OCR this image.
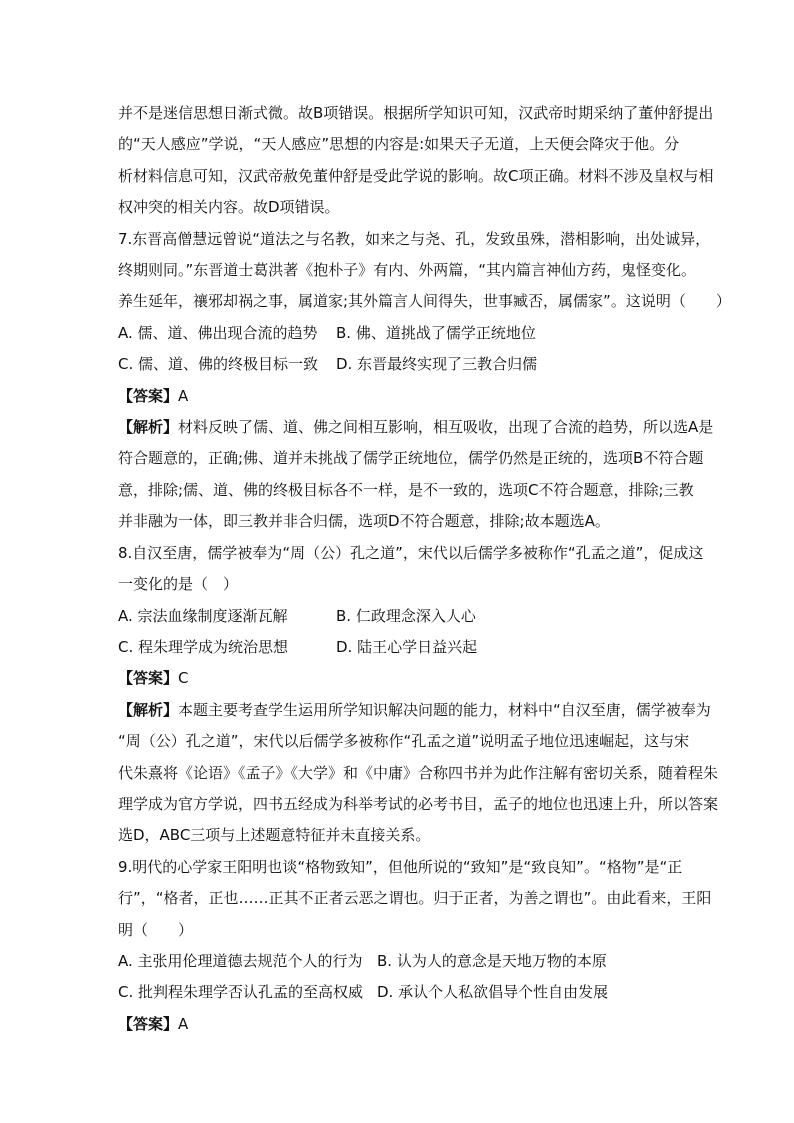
并不是迷信思想日渐式微。故B项错误。根据所学知识可知，汉武帝时期采纳了董仲舒提出

的“天人感应”学说，“天人感应”思想的内容是:如果天子无道，上天便会降灾于他。分

析材料信息可知，汉武帝赦免董仲舒是受此学说的影响。故C项正确。材料不涉及皇权与相

权冲突的相关内容。故D项错误。

7.东晋高僧慧远曾说“道法之与名教，如来之与尧、孔，发致虽殊，潜相影响，出处诚异，

终期则同。”东晋道士葛洪著《抱朴子》有内、外两篇，“其内篇言神仙方药，鬼怪变化。

养生延年，禳邪却祸之事，属道家;其外篇言人间得失，世事臧否，属儒家”。这说明（　　）

A. 儒、道、佛出现合流的趋势	B. 佛、道挑战了儒学正统地位
C. 儒、道、佛的终极目标一致	D. 东晋最终实现了三教合归儒

【答案】A

【解析】材料反映了儒、道、佛之间相互影响，相互吸收，出现了合流的趋势，所以选A是

符合题意的，正确;佛、道并未挑战了儒学正统地位，儒学仍然是正统的，选项B不符合题

意，排除;儒、道、佛的终极目标各不一样，是不一致的，选项C不符合题意，排除;三教

并非融为一体，即三教并非合归儒，选项D不符合题意，排除;故本题选A。

8.自汉至唐，儒学被奉为“周（公）孔之道”，宋代以后儒学多被称作“孔孟之道”，促成这

一变化的是（　）

A. 宗法血缘制度逐渐瓦解	B. 仁政理念深入人心
C. 程朱理学成为统治思想	D. 陆王心学日益兴起

【答案】C

【解析】本题主要考查学生运用所学知识解决问题的能力，材料中“自汉至唐，儒学被奉为

“周（公）孔之道”，宋代以后儒学多被称作“孔孟之道”说明孟子地位迅速崛起，这与宋

代朱熹将《论语》《孟子》《大学》和《中庸》合称四书并为此作注解有密切关系，随着程朱

理学成为官方学说，四书五经成为科举考试的必考书目，孟子的地位也迅速上升，所以答案

选D，ABC三项与上述题意特征并未直接关系。

9.明代的心学家王阳明也谈“格物致知”，但他所说的“致知”是“致良知”。“格物”是“正

行”，“格者，正也……正其不正者云恶之谓也。归于正者，为善之谓也”。由此看来，王阳

明（　　）

A. 主张用伦理道德去规范个人的行为 B. 认为人的意念是天地万物的本原
C. 批判程朱理学否认孔孟的至高权威 D. 承认个人私欲倡导个性自由发展

【答案】A
